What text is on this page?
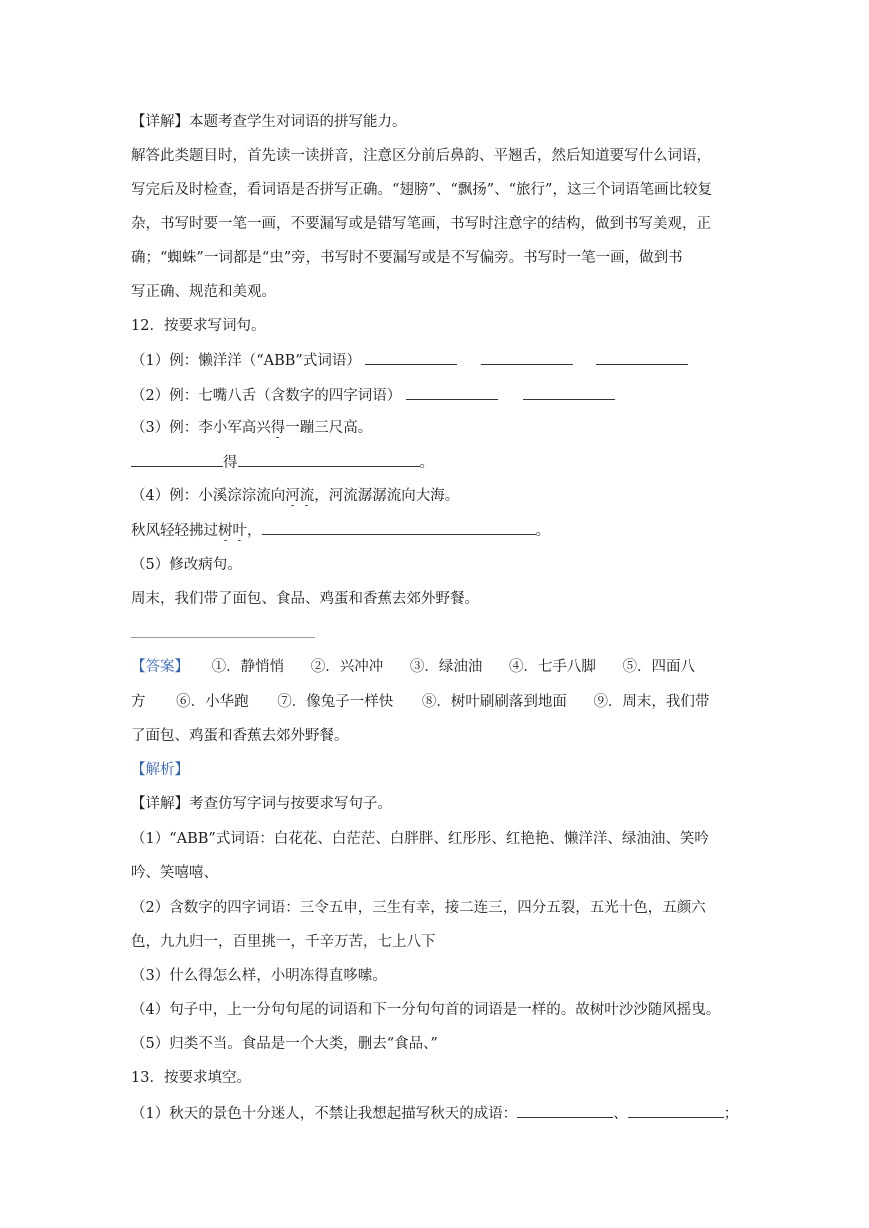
【详解】本题考查学生对词语的拼写能力。
解答此类题目时，首先读一读拼音，注意区分前后鼻韵、平翘舌，然后知道要写什么词语，
写完后及时检查，看词语是否拼写正确。“翅膀”、“飘扬”、“旅行”，这三个词语笔画比较复
杂，书写时要一笔一画，不要漏写或是错写笔画，书写时注意字的结构，做到书写美观，正
确；“蜘蛛”一词都是“虫”旁，书写时不要漏写或是不写偏旁。书写时一笔一画，做到书
写正确、规范和美观。
12．按要求写词句。
（1）例：懒洋洋（“ABB”式词语）
（2）例：七嘴八舌（含数字的四字词语）
（3）例：李小军高兴得一蹦三尺高。
得	。
（4）例：小溪淙淙流向河流，河流潺潺流向大海。
秋风轻轻拂过树叶，	。
（5）修改病句。
周末，我们带了面包、食品、鸡蛋和香蕉去郊外野餐。
【答案】 ①．静悄悄 ②．兴冲冲 ③．绿油油 ④．七手八脚 ⑤．四面八
方 ⑥．小华跑 ⑦．像兔子一样快 ⑧．树叶刷刷落到地面 ⑨．周末，我们带
了面包、鸡蛋和香蕉去郊外野餐。
【解析】
【详解】考查仿写字词与按要求写句子。
（1）“ABB”式词语：白花花、白茫茫、白胖胖、红彤彤、红艳艳、懒洋洋、绿油油、笑吟
吟、笑嘻嘻、
（2）含数字的四字词语：三令五申，三生有幸，接二连三，四分五裂，五光十色，五颜六
色，九九归一，百里挑一，千辛万苦，七上八下
（3）什么得怎么样，小明冻得直哆嗦。
（4）句子中，上一分句句尾的词语和下一分句句首的词语是一样的。故树叶沙沙随风摇曳。
（5）归类不当。食品是一个大类，删去“食品、”
13．按要求填空。
（1）秋天的景色十分迷人，不禁让我想起描写秋天的成语：	、	；
